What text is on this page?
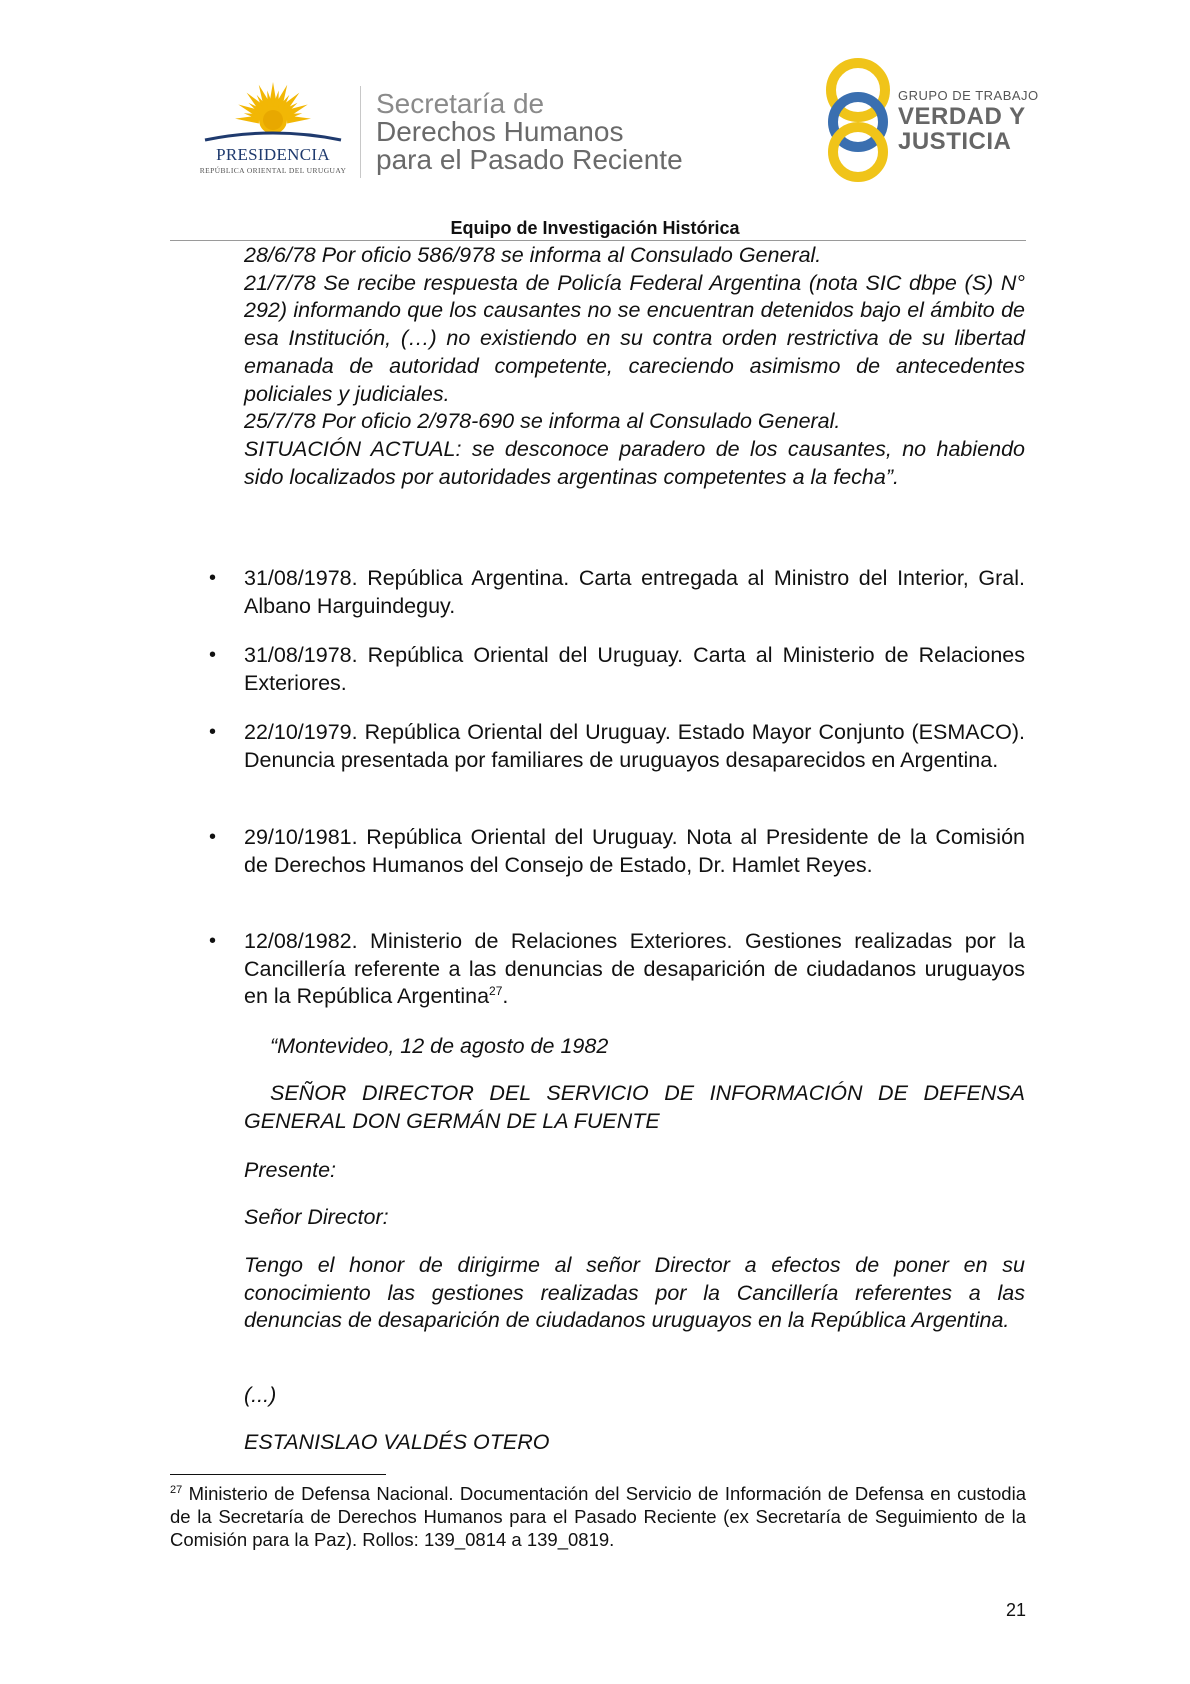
PRESIDENCIA
REPÚBLICA ORIENTAL DEL URUGUAY
Secretaría de
Derechos Humanos
para el Pasado Reciente
GRUPO DE TRABAJO
VERDAD Y
JUSTICIA
Equipo de Investigación Histórica

28/6/78 Por oficio 586/978 se informa al Consulado General.

21/7/78 Se recibe respuesta de Policía Federal Argentina (nota SIC dbpe (S) N° 292) informando que los causantes no se encuentran detenidos bajo el ámbito de esa Institución, (…) no existiendo en su contra orden restrictiva de su libertad emanada de autoridad competente, careciendo asimismo de antecedentes policiales y judiciales.

25/7/78 Por oficio 2/978-690 se informa al Consulado General.

SITUACIÓN ACTUAL: se desconoce paradero de los causantes, no habiendo sido localizados por autoridades argentinas competentes a la fecha”.

• 31/08/1978. República Argentina. Carta entregada al Ministro del Interior, Gral. Albano Harguindeguy.
• 31/08/1978. República Oriental del Uruguay. Carta al Ministerio de Relaciones Exteriores.
• 22/10/1979. República Oriental del Uruguay. Estado Mayor Conjunto (ESMACO). Denuncia presentada por familiares de uruguayos desaparecidos en Argentina.
• 29/10/1981. República Oriental del Uruguay. Nota al Presidente de la Comisión de Derechos Humanos del Consejo de Estado, Dr. Hamlet Reyes.
• 12/08/1982. Ministerio de Relaciones Exteriores. Gestiones realizadas por la Cancillería referente a las denuncias de desaparición de ciudadanos uruguayos en la República Argentina$^{27}$.

“Montevideo, 12 de agosto de 1982

SEÑOR DIRECTOR DEL SERVICIO DE INFORMACIÓN DE DEFENSA GENERAL DON GERMÁN DE LA FUENTE

Presente:

Señor Director:

Tengo el honor de dirigirme al señor Director a efectos de poner en su conocimiento las gestiones realizadas por la Cancillería referentes a las denuncias de desaparición de ciudadanos uruguayos en la República Argentina.

(...)

ESTANISLAO VALDÉS OTERO

$^{27}$ Ministerio de Defensa Nacional. Documentación del Servicio de Información de Defensa en custodia de la Secretaría de Derechos Humanos para el Pasado Reciente (ex Secretaría de Seguimiento de la Comisión para la Paz). Rollos: 139_0814 a 139_0819.
21
